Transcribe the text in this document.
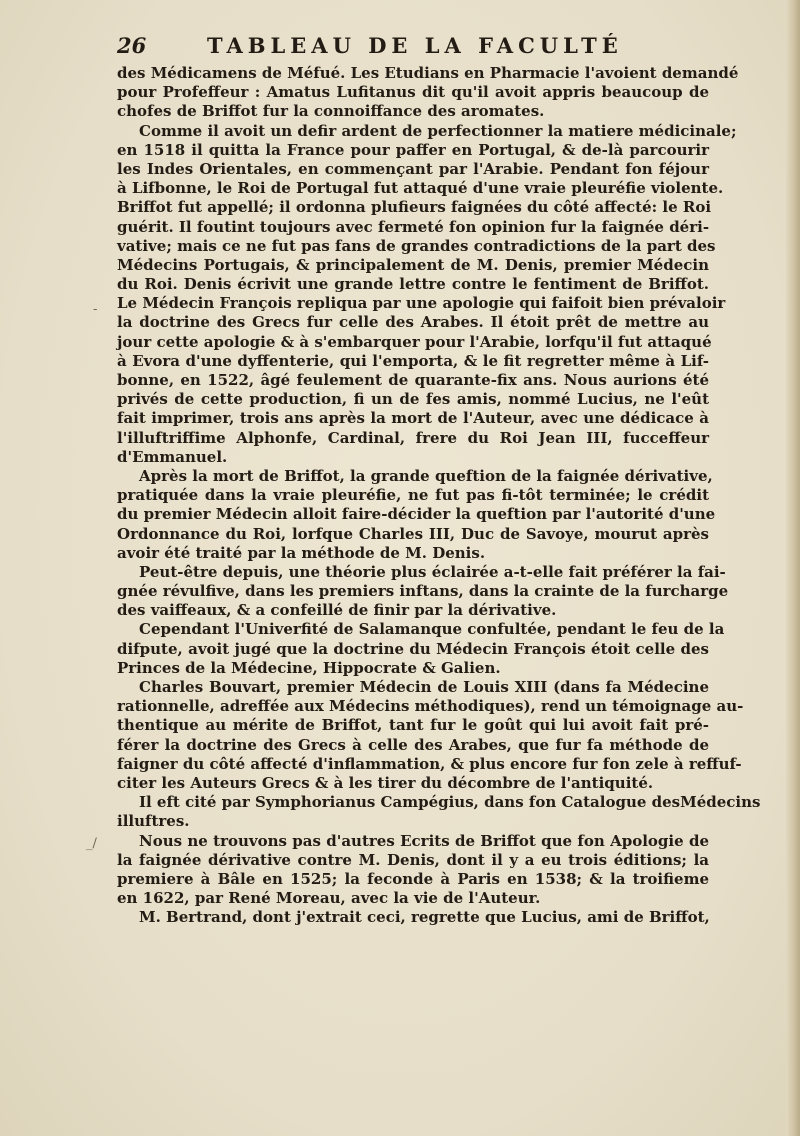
26	TABLEAU DE LA FACULTÉ

des Médicamens de Méfué. Les Etudians en Pharmacie l'avoient demandé
pour Profeffeur : Amatus Lufitanus dit qu'il avoit appris beaucoup de
chofes de Briffot fur la connoiffance des aromates.

Comme il avoit un defir ardent de perfectionner la matiere médicinale;
en 1518 il quitta la France pour paffer en Portugal, & de-là parcourir
les Indes Orientales, en commençant par l'Arabie. Pendant fon féjour
à Lifbonne, le Roi de Portugal fut attaqué d'une vraie pleuréfie violente.
Briffot fut appellé; il ordonna plufieurs faignées du côté affecté: le Roi
guérit. Il foutint toujours avec fermeté fon opinion fur la faignée déri-
vative; mais ce ne fut pas fans de grandes contradictions de la part des
Médecins Portugais, & principalement de M. Denis, premier Médecin
du Roi. Denis écrivit une grande lettre contre le fentiment de Briffot.
Le Médecin François repliqua par une apologie qui faifoit bien prévaloir
la doctrine des Grecs fur celle des Arabes. Il étoit prêt de mettre au
jour cette apologie & à s'embarquer pour l'Arabie, lorfqu'il fut attaqué
à Evora d'une dyffenterie, qui l'emporta, & le fit regretter même à Lif-
bonne, en 1522, âgé feulement de quarante-fix ans. Nous aurions été
privés de cette production, fi un de fes amis, nommé Lucius, ne l'eût
fait imprimer, trois ans après la mort de l'Auteur, avec une dédicace à
l'illuftriffime Alphonfe, Cardinal, frere du Roi Jean III, fucceffeur
d'Emmanuel.

Après la mort de Briffot, la grande queftion de la faignée dérivative,
pratiquée dans la vraie pleuréfie, ne fut pas fi-tôt terminée; le crédit
du premier Médecin alloit faire-décider la queftion par l'autorité d'une
Ordonnance du Roi, lorfque Charles III, Duc de Savoye, mourut après
avoir été traité par la méthode de M. Denis.

Peut-être depuis, une théorie plus éclairée a-t-elle fait préférer la fai-
gnée révulfive, dans les premiers inftans, dans la crainte de la furcharge
des vaiffeaux, & a confeillé de finir par la dérivative.

Cependant l'Univerfité de Salamanque confultée, pendant le feu de la
difpute, avoit jugé que la doctrine du Médecin François étoit celle des
Princes de la Médecine, Hippocrate & Galien.

Charles Bouvart, premier Médecin de Louis XIII (dans fa Médecine
rationnelle, adreffée aux Médecins méthodiques), rend un témoignage au-
thentique au mérite de Briffot, tant fur le goût qui lui avoit fait pré-
férer la doctrine des Grecs à celle des Arabes, que fur fa méthode de
faigner du côté affecté d'inflammation, & plus encore fur fon zele à reffuf-
citer les Auteurs Grecs & à les tirer du décombre de l'antiquité.

Il eft cité par Symphorianus Campégius, dans fon Catalogue desMédecins
illuftres.

Nous ne trouvons pas d'autres Ecrits de Briffot que fon Apologie de
la faignée dérivative contre M. Denis, dont il y a eu trois éditions; la
premiere à Bâle en 1525; la feconde à Paris en 1538; & la troifieme
en 1622, par René Moreau, avec la vie de l'Auteur.

M. Bertrand, dont j'extrait ceci, regrette que Lucius, ami de Briffot,

-
_/
